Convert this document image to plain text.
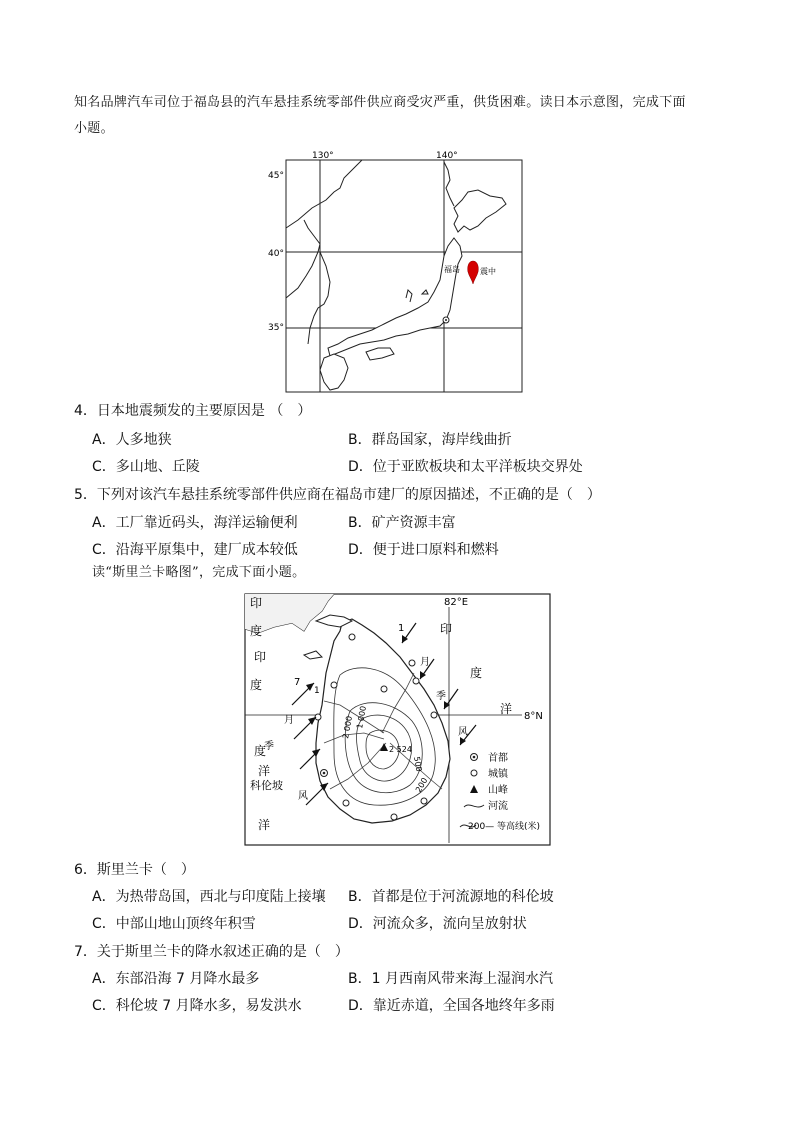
知名品牌汽车司位于福岛县的汽车悬挂系统零部件供应商受灾严重，供货困难。读日本示意图，完成下面
小题。
130°	140°
45°
40°
35°
福岛	震中
4．日本地震频发的主要原因是 （　）
A．人多地狭	B．群岛国家，海岸线曲折
C．多山地、丘陵	D．位于亚欧板块和太平洋板块交界处
5．下列对该汽车悬挂系统零部件供应商在福岛市建厂的原因描述，不正确的是（　）
A．工厂靠近码头，海洋运输便利	B．矿产资源丰富
C．沿海平原集中，建厂成本较低	D．便于进口原料和燃料
读“斯里兰卡略图”，完成下面小题。
82°E
8°N
2 000 1 000
500
200
2 524
科伦坡
印
度
印
度
洋
度
洋
印
度
洋
1
月
季
风
7
1
月
季
风
首都
城镇
山峰
河流
200— 等高线(米)
6．斯里兰卡（　）
A．为热带岛国，西北与印度陆上接壤 B．首都是位于河流源地的科伦坡
C．中部山地山顶终年积雪	D．河流众多，流向呈放射状
7．关于斯里兰卡的降水叙述正确的是（　）
A．东部沿海 7 月降水最多	B．1 月西南风带来海上湿润水汽
C．科伦坡 7 月降水多，易发洪水	D．靠近赤道，全国各地终年多雨
